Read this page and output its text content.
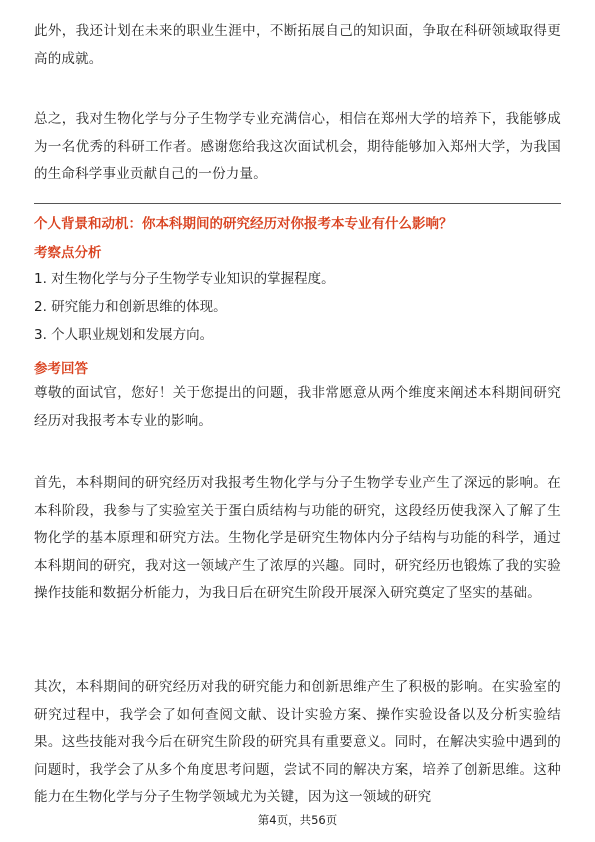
此外，我还计划在未来的职业生涯中，不断拓展自己的知识面，争取在科研领域取得更高的成就。

总之，我对生物化学与分子生物学专业充满信心，相信在郑州大学的培养下，我能够成为一名优秀的科研工作者。感谢您给我这次面试机会，期待能够加入郑州大学，为我国的生命科学事业贡献自己的一份力量。

个人背景和动机：你本科期间的研究经历对你报考本专业有什么影响？
考察点分析
1. 对生物化学与分子生物学专业知识的掌握程度。
2. 研究能力和创新思维的体现。
3. 个人职业规划和发展方向。
参考回答

尊敬的面试官，您好！关于您提出的问题，我非常愿意从两个维度来阐述本科期间研究经历对我报考本专业的影响。

首先，本科期间的研究经历对我报考生物化学与分子生物学专业产生了深远的影响。在本科阶段，我参与了实验室关于蛋白质结构与功能的研究，这段经历使我深入了解了生物化学的基本原理和研究方法。生物化学是研究生物体内分子结构与功能的科学，通过本科期间的研究，我对这一领域产生了浓厚的兴趣。同时，研究经历也锻炼了我的实验操作技能和数据分析能力，为我日后在研究生阶段开展深入研究奠定了坚实的基础。

其次，本科期间的研究经历对我的研究能力和创新思维产生了积极的影响。在实验室的研究过程中，我学会了如何查阅文献、设计实验方案、操作实验设备以及分析实验结果。这些技能对我今后在研究生阶段的研究具有重要意义。同时，在解决实验中遇到的问题时，我学会了从多个角度思考问题，尝试不同的解决方案，培养了创新思维。这种能力在生物化学与分子生物学领域尤为关键，因为这一领域的研究

第4页，共56页
